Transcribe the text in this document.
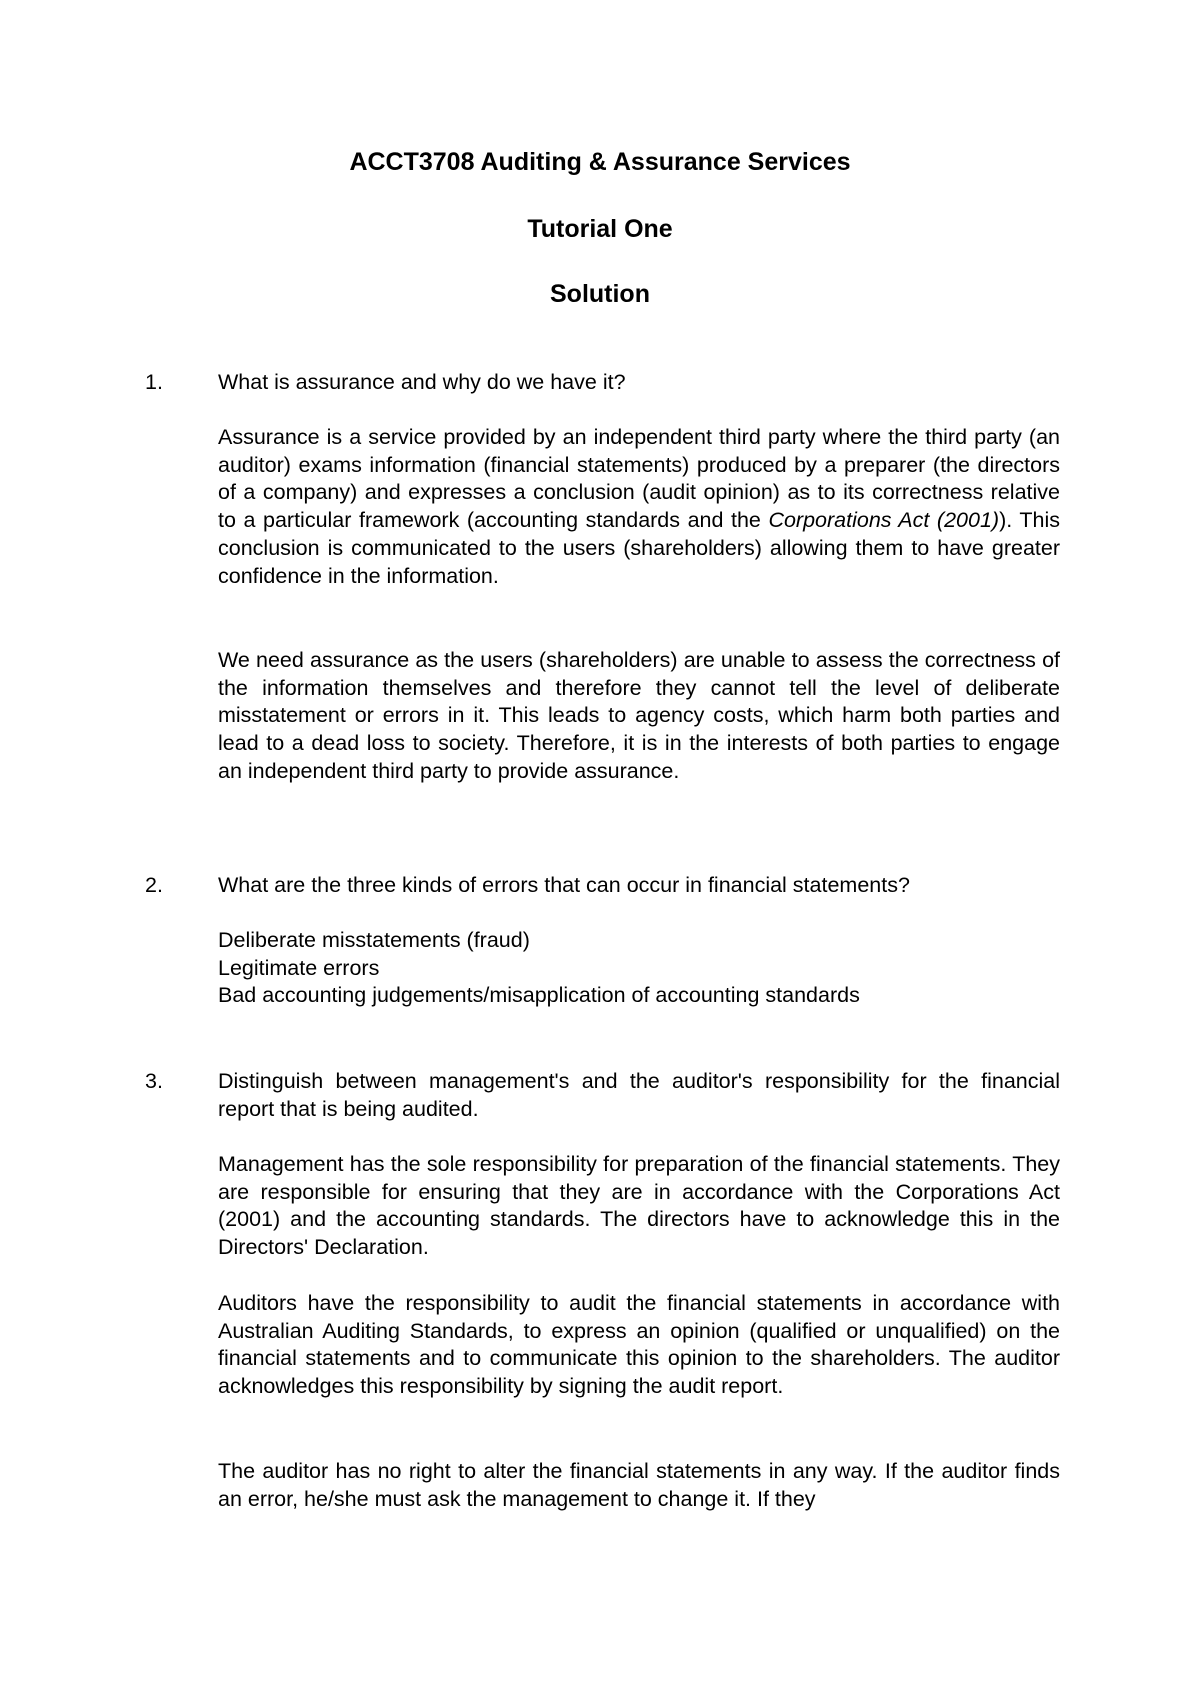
ACCT3708 Auditing & Assurance Services
Tutorial One
Solution
1.	What is assurance and why do we have it?

Assurance is a service provided by an independent third party where the third party (an auditor) exams information (financial statements) produced by a preparer (the directors of a company) and expresses a conclusion (audit opinion) as to its correctness relative to a particular framework (accounting standards and the Corporations Act (2001)). This conclusion is communicated to the users (shareholders) allowing them to have greater confidence in the information.

We need assurance as the users (shareholders) are unable to assess the correctness of the information themselves and therefore they cannot tell the level of deliberate misstatement or errors in it. This leads to agency costs, which harm both parties and lead to a dead loss to society. Therefore, it is in the interests of both parties to engage an independent third party to provide assurance.

2.	What are the three kinds of errors that can occur in financial statements?
Deliberate misstatements (fraud)
Legitimate errors
Bad accounting judgements/misapplication of accounting standards
3.	Distinguish between management's and the auditor's responsibility for the financial report that is being audited.

Management has the sole responsibility for preparation of the financial statements. They are responsible for ensuring that they are in accordance with the Corporations Act (2001) and the accounting standards. The directors have to acknowledge this in the Directors' Declaration.

Auditors have the responsibility to audit the financial statements in accordance with Australian Auditing Standards, to express an opinion (qualified or unqualified) on the financial statements and to communicate this opinion to the shareholders. The auditor acknowledges this responsibility by signing the audit report.

The auditor has no right to alter the financial statements in any way. If the auditor finds an error, he/she must ask the management to change it. If they
